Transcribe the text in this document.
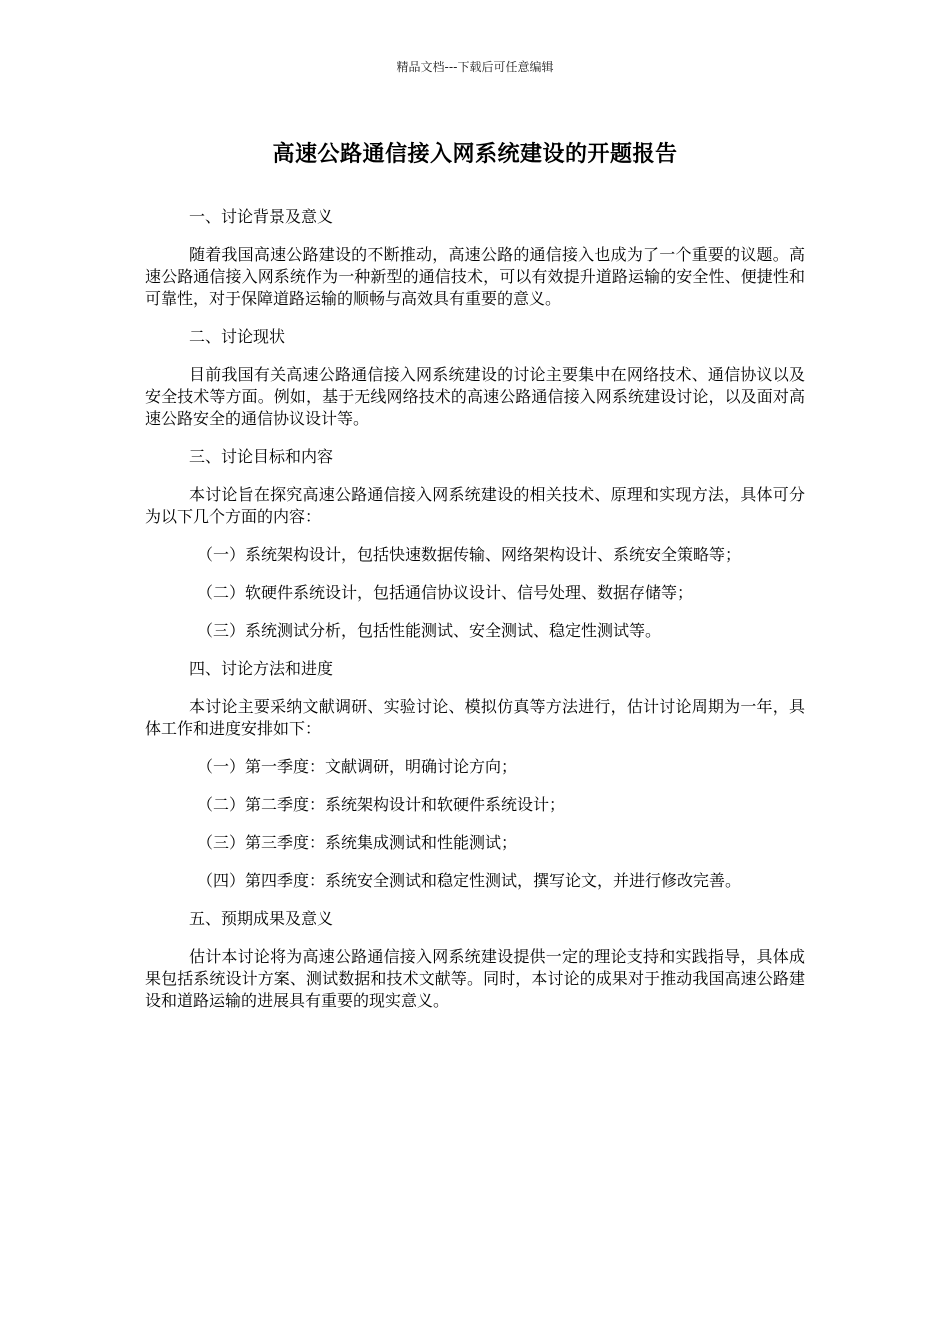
精品文档---下载后可任意编辑
高速公路通信接入网系统建设的开题报告

一、讨论背景及意义

随着我国高速公路建设的不断推动，高速公路的通信接入也成为了一个重要的议题。高速公路通信接入网系统作为一种新型的通信技术，可以有效提升道路运输的安全性、便捷性和可靠性，对于保障道路运输的顺畅与高效具有重要的意义。

二、讨论现状

目前我国有关高速公路通信接入网系统建设的讨论主要集中在网络技术、通信协议以及安全技术等方面。例如，基于无线网络技术的高速公路通信接入网系统建设讨论，以及面对高速公路安全的通信协议设计等。

三、讨论目标和内容

本讨论旨在探究高速公路通信接入网系统建设的相关技术、原理和实现方法，具体可分为以下几个方面的内容：

（一）系统架构设计，包括快速数据传输、网络架构设计、系统安全策略等；

（二）软硬件系统设计，包括通信协议设计、信号处理、数据存储等；

（三）系统测试分析，包括性能测试、安全测试、稳定性测试等。

四、讨论方法和进度

本讨论主要采纳文献调研、实验讨论、模拟仿真等方法进行，估计讨论周期为一年，具体工作和进度安排如下：

（一）第一季度：文献调研，明确讨论方向；

（二）第二季度：系统架构设计和软硬件系统设计；

（三）第三季度：系统集成测试和性能测试；

（四）第四季度：系统安全测试和稳定性测试，撰写论文，并进行修改完善。

五、预期成果及意义

估计本讨论将为高速公路通信接入网系统建设提供一定的理论支持和实践指导，具体成果包括系统设计方案、测试数据和技术文献等。同时，本讨论的成果对于推动我国高速公路建设和道路运输的进展具有重要的现实意义。
